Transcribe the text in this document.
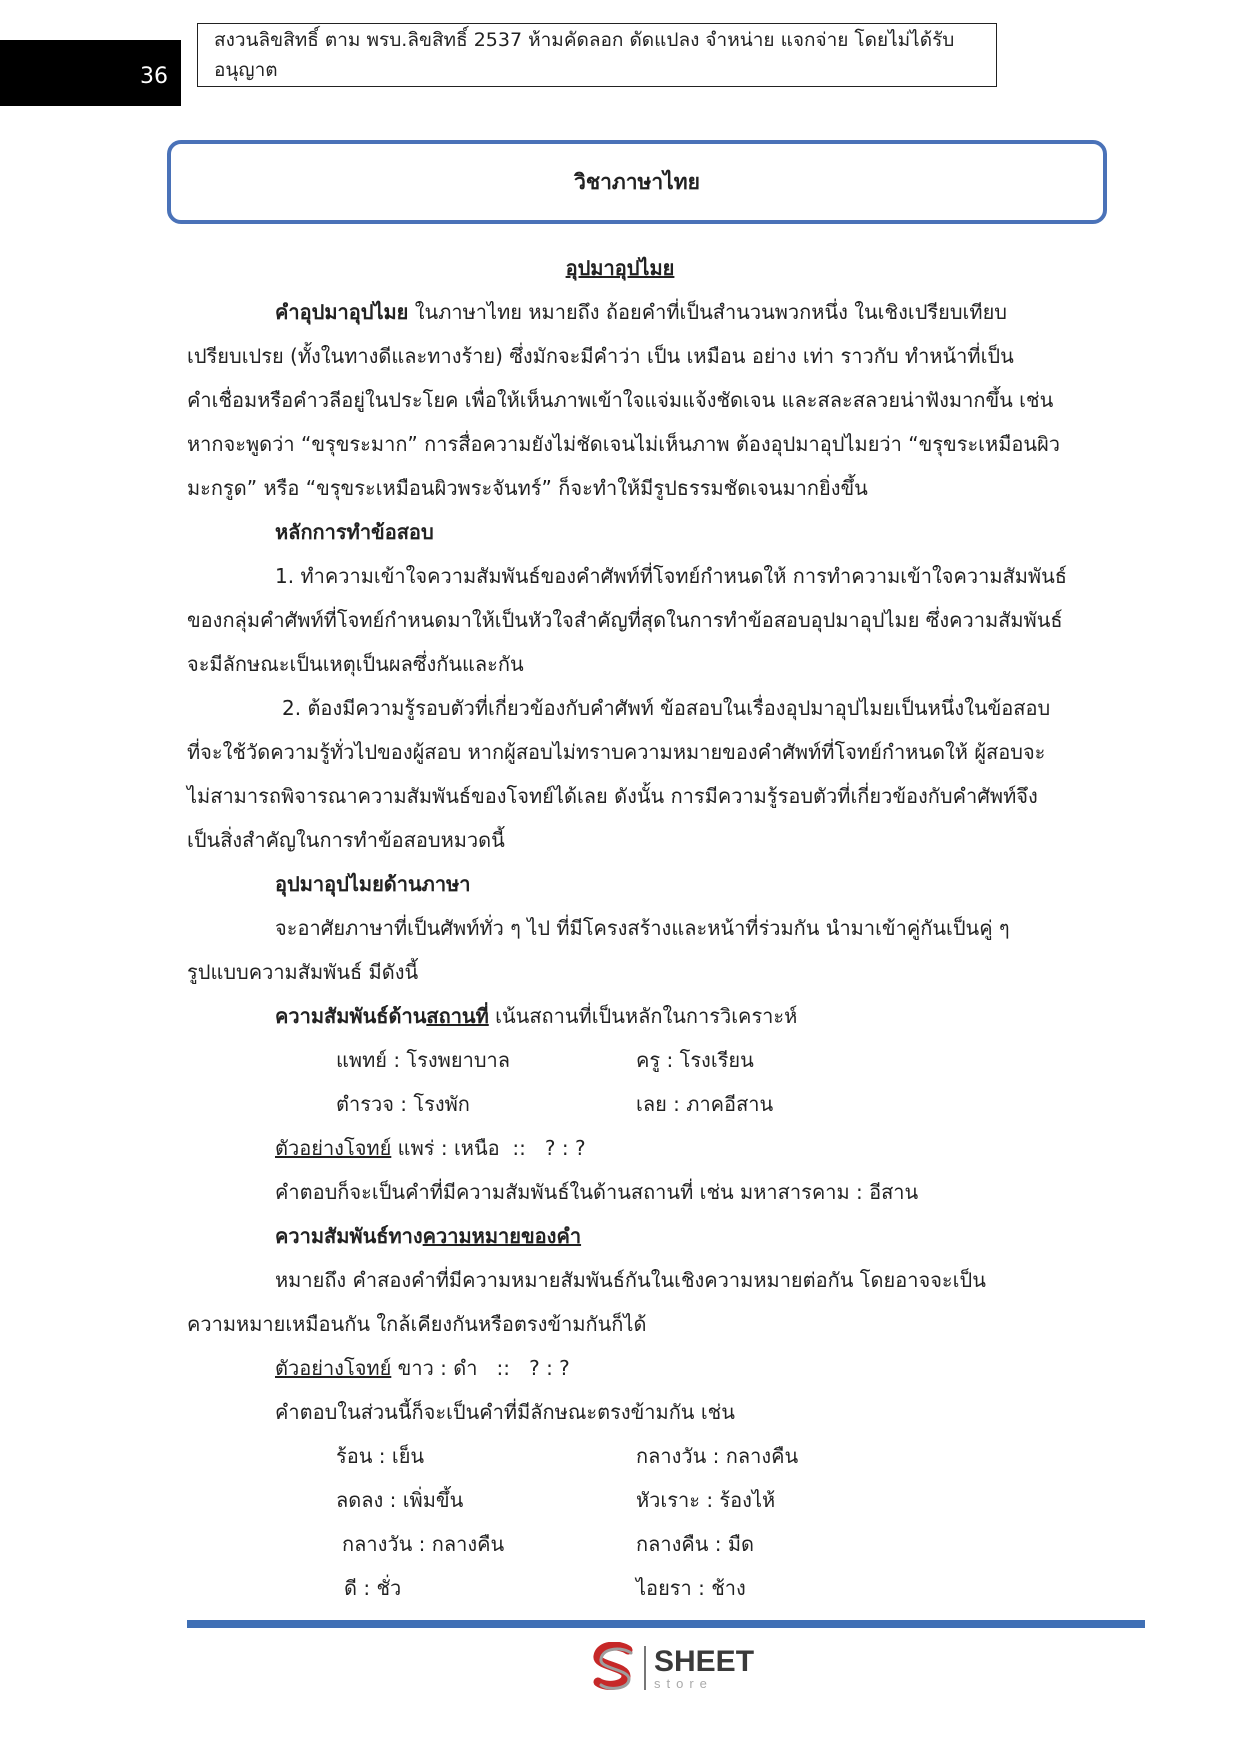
36
สงวนลิขสิทธิ์ ตาม พรบ.ลิขสิทธิ์ 2537 ห้ามคัดลอก ดัดแปลง จำหน่าย แจกจ่าย โดยไม่ได้รับอนุญาต
วิชาภาษาไทย
อุปมาอุปไมย
คำอุปมาอุปไมย ในภาษาไทย หมายถึง ถ้อยคำที่เป็นสำนวนพวกหนึ่ง ในเชิงเปรียบเทียบ
เปรียบเปรย (ทั้งในทางดีและทางร้าย) ซึ่งมักจะมีคำว่า เป็น เหมือน อย่าง เท่า ราวกับ ทำหน้าที่เป็น
คำเชื่อมหรือคำวลีอยู่ในประโยค เพื่อให้เห็นภาพเข้าใจแจ่มแจ้งชัดเจน และสละสลวยน่าฟังมากขึ้น เช่น
หากจะพูดว่า “ขรุขระมาก” การสื่อความยังไม่ชัดเจนไม่เห็นภาพ ต้องอุปมาอุปไมยว่า “ขรุขระเหมือนผิว
มะกรูด” หรือ “ขรุขระเหมือนผิวพระจันทร์” ก็จะทำให้มีรูปธรรมชัดเจนมากยิ่งขึ้น
หลักการทำข้อสอบ
1. ทำความเข้าใจความสัมพันธ์ของคำศัพท์ที่โจทย์กำหนดให้ การทำความเข้าใจความสัมพันธ์
ของกลุ่มคำศัพท์ที่โจทย์กำหนดมาให้เป็นหัวใจสำคัญที่สุดในการทำข้อสอบอุปมาอุปไมย ซึ่งความสัมพันธ์
จะมีลักษณะเป็นเหตุเป็นผลซึ่งกันและกัน
2. ต้องมีความรู้รอบตัวที่เกี่ยวข้องกับคำศัพท์ ข้อสอบในเรื่องอุปมาอุปไมยเป็นหนึ่งในข้อสอบ
ที่จะใช้วัดความรู้ทั่วไปของผู้สอบ หากผู้สอบไม่ทราบความหมายของคำศัพท์ที่โจทย์กำหนดให้ ผู้สอบจะ
ไม่สามารถพิจารณาความสัมพันธ์ของโจทย์ได้เลย ดังนั้น การมีความรู้รอบตัวที่เกี่ยวข้องกับคำศัพท์จึง
เป็นสิ่งสำคัญในการทำข้อสอบหมวดนี้
อุปมาอุปไมยด้านภาษา
จะอาศัยภาษาที่เป็นศัพท์ทั่ว ๆ ไป ที่มีโครงสร้างและหน้าที่ร่วมกัน นำมาเข้าคู่กันเป็นคู่ ๆ
รูปแบบความสัมพันธ์ มีดังนี้
ความสัมพันธ์ด้านสถานที่ เน้นสถานที่เป็นหลักในการวิเคราะห์
แพทย์ : โรงพยาบาล	ครู : โรงเรียน
ตำรวจ : โรงพัก	เลย : ภาคอีสาน
ตัวอย่างโจทย์ แพร่ : เหนือ  ::   ? : ?
คำตอบก็จะเป็นคำที่มีความสัมพันธ์ในด้านสถานที่ เช่น มหาสารคาม : อีสาน
ความสัมพันธ์ทางความหมายของคำ
หมายถึง คำสองคำที่มีความหมายสัมพันธ์กันในเชิงความหมายต่อกัน โดยอาจจะเป็น
ความหมายเหมือนกัน ใกล้เคียงกันหรือตรงข้ามกันก็ได้
ตัวอย่างโจทย์ ขาว : ดำ   ::   ? : ?
คำตอบในส่วนนี้ก็จะเป็นคำที่มีลักษณะตรงข้ามกัน เช่น
ร้อน : เย็น	กลางวัน : กลางคืน
ลดลง : เพิ่มขึ้น	หัวเราะ : ร้องไห้
กลางวัน : กลางคืน	กลางคืน : มืด
ดี : ชั่ว	ไอยรา : ช้าง
SHEET
store
